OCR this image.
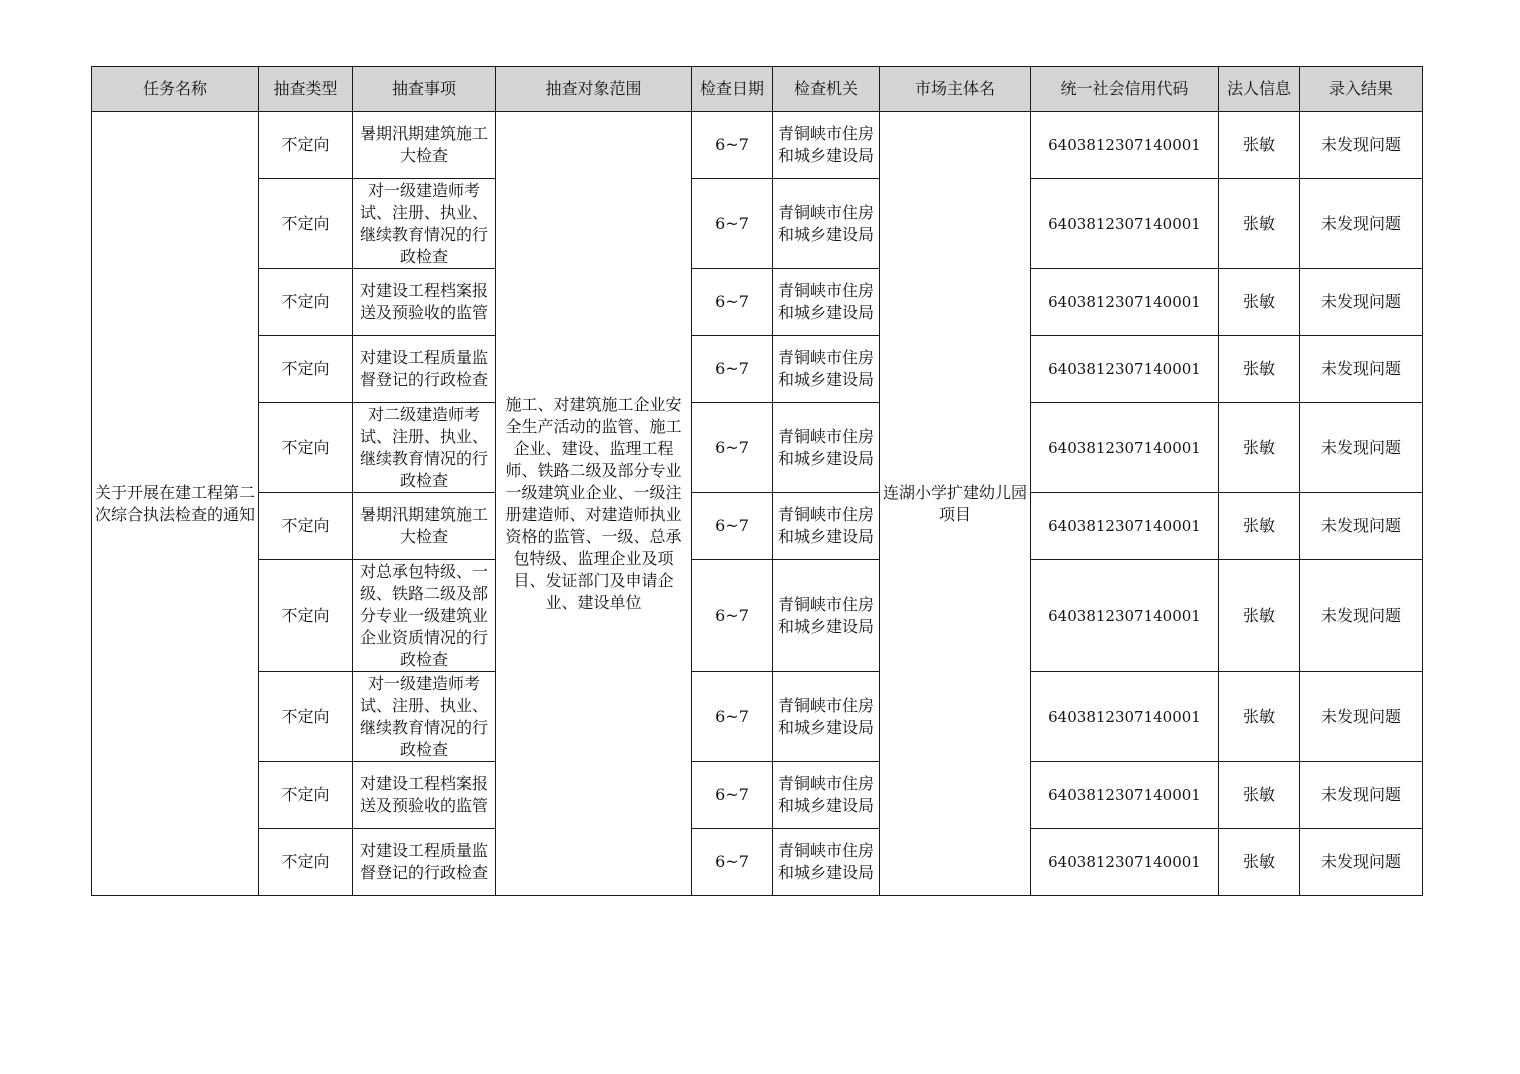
任务名称	抽查类型	抽查事项	抽查对象范围	检查日期	检查机关	市场主体名	统一社会信用代码	法人信息	录入结果
关于开展在建工程第二次综合执法检查的通知	不定向	暑期汛期建筑施工大检查	施工、对建筑施工企业安全生产活动的监管、施工企业、建设、监理工程师、铁路二级及部分专业一级建筑业企业、一级注册建造师、对建造师执业资格的监管、一级、总承包特级、监理企业及项目、发证部门及申请企业、建设单位	6~7	青铜峡市住房和城乡建设局	连湖小学扩建幼儿园项目	6403812307140001	张敏	未发现问题
	不定向	对一级建造师考试、注册、执业、继续教育情况的行政检查		6~7	青铜峡市住房和城乡建设局		6403812307140001	张敏	未发现问题
	不定向	对建设工程档案报送及预验收的监管		6~7	青铜峡市住房和城乡建设局		6403812307140001	张敏	未发现问题
	不定向	对建设工程质量监督登记的行政检查		6~7	青铜峡市住房和城乡建设局		6403812307140001	张敏	未发现问题
	不定向	对二级建造师考试、注册、执业、继续教育情况的行政检查		6~7	青铜峡市住房和城乡建设局		6403812307140001	张敏	未发现问题
	不定向	暑期汛期建筑施工大检查		6~7	青铜峡市住房和城乡建设局		6403812307140001	张敏	未发现问题
	不定向	对总承包特级、一级、铁路二级及部分专业一级建筑业企业资质情况的行政检查		6~7	青铜峡市住房和城乡建设局		6403812307140001	张敏	未发现问题
	不定向	对一级建造师考试、注册、执业、继续教育情况的行政检查		6~7	青铜峡市住房和城乡建设局		6403812307140001	张敏	未发现问题
	不定向	对建设工程档案报送及预验收的监管		6~7	青铜峡市住房和城乡建设局		6403812307140001	张敏	未发现问题
	不定向	对建设工程质量监督登记的行政检查		6~7	青铜峡市住房和城乡建设局		6403812307140001	张敏	未发现问题
